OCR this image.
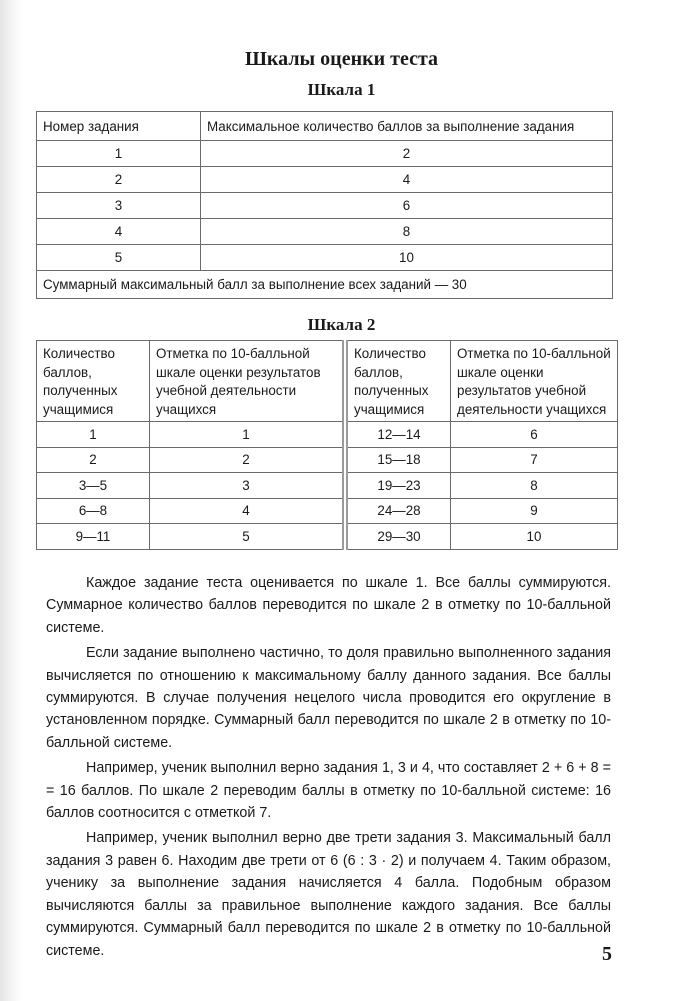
Шкалы оценки теста
Шкала 1
Номер задания	Максимальное количество баллов за выполнение задания
1	2
2	4
3	6
4	8
5	10
Суммарный максимальный балл за выполнение всех заданий — 30	
Шкала 2
Количество баллов, полученных учащимися	Отметка по 10-балльной шкале оценки результатов учебной деятельности учащихся	Количество баллов, полученных учащимися	Отметка по 10-балльной шкале оценки результатов учебной деятельности учащихся
1	1	12—14	6
2	2	15—18	7
3—5	3	19—23	8
6—8	4	24—28	9
9—11	5	29—30	10

Каждое задание теста оценивается по шкале 1. Все баллы суммируются. Суммарное количество баллов переводится по шкале 2 в отметку по 10-балльной системе.

Если задание выполнено частично, то доля правильно выполненного задания вычисляется по отношению к максимальному баллу данного задания. Все баллы суммируются. В случае получения нецелого числа проводится его округление в установленном порядке. Суммарный балл переводится по шкале 2 в отметку по 10-балльной системе.

Например, ученик выполнил верно задания 1, 3 и 4, что составляет 2 + 6 + 8 = = 16 баллов. По шкале 2 переводим баллы в отметку по 10-балльной системе: 16 баллов соотносится с отметкой 7.

Например, ученик выполнил верно две трети задания 3. Максимальный балл задания 3 равен 6. Находим две трети от 6 (6 : 3 · 2) и получаем 4. Таким образом, ученику за выполнение задания начисляется 4 балла. Подобным образом вычисляются баллы за правильное выполнение каждого задания. Все баллы суммируются. Суммарный балл переводится по шкале 2 в отметку по 10-балльной системе.	5
